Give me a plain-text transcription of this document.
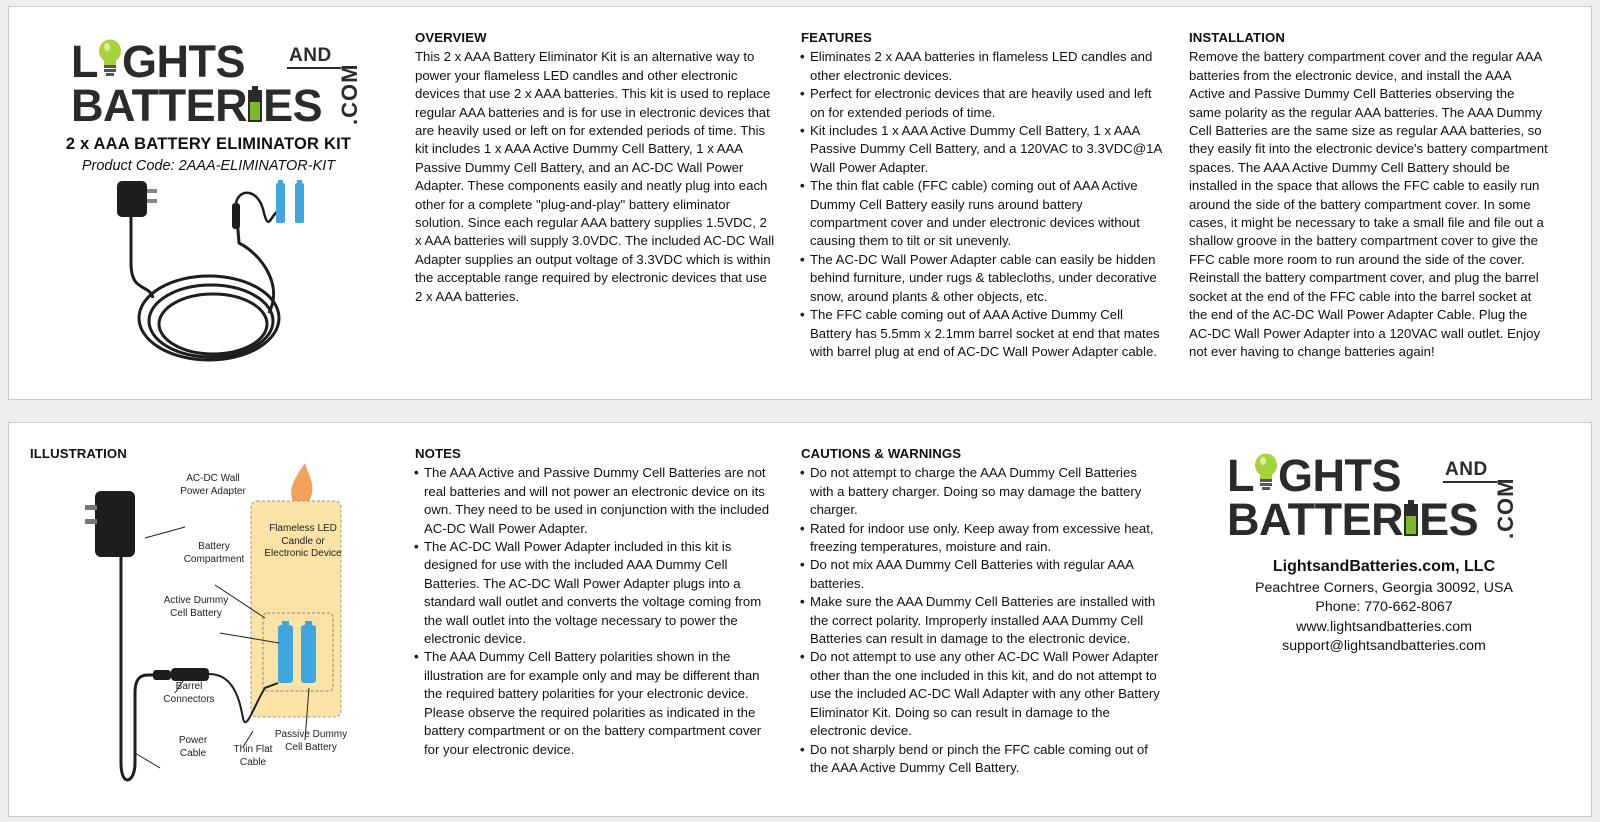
L GHTS AND
BATTER ES .COM
2 x AAA BATTERY ELIMINATOR KIT
Product Code: 2AAA-ELIMINATOR-KIT
OVERVIEW

This 2 x AAA Battery Eliminator Kit is an alternative way to power your flameless LED candles and other electronic devices that use 2 x AAA batteries. This kit is used to replace regular AAA batteries and is for use in electronic devices that are heavily used or left on for extended periods of time. This kit includes 1 x AAA Active Dummy Cell Battery, 1 x AAA Passive Dummy Cell Battery, and an AC-DC Wall Power Adapter. These components easily and neatly plug into each other for a complete "plug-and-play" battery eliminator solution. Since each regular AAA battery supplies 1.5VDC, 2 x AAA batteries will supply 3.0VDC. The included AC-DC Wall Adapter supplies an output voltage of 3.3VDC which is within the acceptable range required by electronic devices that use 2 x AAA batteries.

FEATURES
• Eliminates 2 x AAA batteries in flameless LED candles and other electronic devices.
• Perfect for electronic devices that are heavily used and left on for extended periods of time.
• Kit includes 1 x AAA Active Dummy Cell Battery, 1 x AAA Passive Dummy Cell Battery, and a 120VAC to 3.3VDC@1A Wall Power Adapter.
• The thin flat cable (FFC cable) coming out of AAA Active Dummy Cell Battery easily runs around battery compartment cover and under electronic devices without causing them to tilt or sit unevenly.
• The AC-DC Wall Power Adapter cable can easily be hidden behind furniture, under rugs & tablecloths, under decorative snow, around plants & other objects, etc.
• The FFC cable coming out of AAA Active Dummy Cell Battery has 5.5mm x 2.1mm barrel socket at end that mates with barrel plug at end of AC-DC Wall Power Adapter cable.
INSTALLATION

Remove the battery compartment cover and the regular AAA batteries from the electronic device, and install the AAA Active and Passive Dummy Cell Batteries observing the same polarity as the regular AAA batteries. The AAA Dummy Cell Batteries are the same size as regular AAA batteries, so they easily fit into the electronic device's battery compartment spaces. The AAA Active Dummy Cell Battery should be installed in the space that allows the FFC cable to easily run around the side of the battery compartment cover. In some cases, it might be necessary to take a small file and file out a shallow groove in the battery compartment cover to give the FFC cable more room to run around the side of the cover. Reinstall the battery compartment cover, and plug the barrel socket at the end of the FFC cable into the barrel socket at the end of the AC-DC Wall Power Adapter Cable. Plug the AC-DC Wall Power Adapter into a 120VAC wall outlet. Enjoy not ever having to change batteries again!

ILLUSTRATION
AC-DC Wall Power Adapter
Flameless LED Candle or Electronic Device
Battery Compartment
Active Dummy Cell Battery
Barrel Connectors
Power Cable	Thin Flat Cable
Passive Dummy Cell Battery
NOTES
• The AAA Active and Passive Dummy Cell Batteries are not real batteries and will not power an electronic device on its own. They need to be used in conjunction with the included AC-DC Wall Power Adapter.
• The AC-DC Wall Power Adapter included in this kit is designed for use with the included AAA Dummy Cell Batteries. The AC-DC Wall Power Adapter plugs into a standard wall outlet and converts the voltage coming from the wall outlet into the voltage necessary to power the electronic device.
• The AAA Dummy Cell Battery polarities shown in the illustration are for example only and may be different than the required battery polarities for your electronic device. Please observe the required polarities as indicated in the battery compartment or on the battery compartment cover for your electronic device.
CAUTIONS & WARNINGS
• Do not attempt to charge the AAA Dummy Cell Batteries with a battery charger. Doing so may damage the battery charger.
• Rated for indoor use only. Keep away from excessive heat, freezing temperatures, moisture and rain.
• Do not mix AAA Dummy Cell Batteries with regular AAA batteries.
• Make sure the AAA Dummy Cell Batteries are installed with the correct polarity. Improperly installed AAA Dummy Cell Batteries can result in damage to the electronic device.
• Do not attempt to use any other AC-DC Wall Power Adapter other than the one included in this kit, and do not attempt to use the included AC-DC Wall Adapter with any other Battery Eliminator Kit. Doing so can result in damage to the electronic device.
• Do not sharply bend or pinch the FFC cable coming out of the AAA Active Dummy Cell Battery.
L GHTS AND
BATTER ES .COM
LightsandBatteries.com, LLC
Peachtree Corners, Georgia 30092, USA
Phone: 770-662-8067
www.lightsandbatteries.com
support@lightsandbatteries.com
